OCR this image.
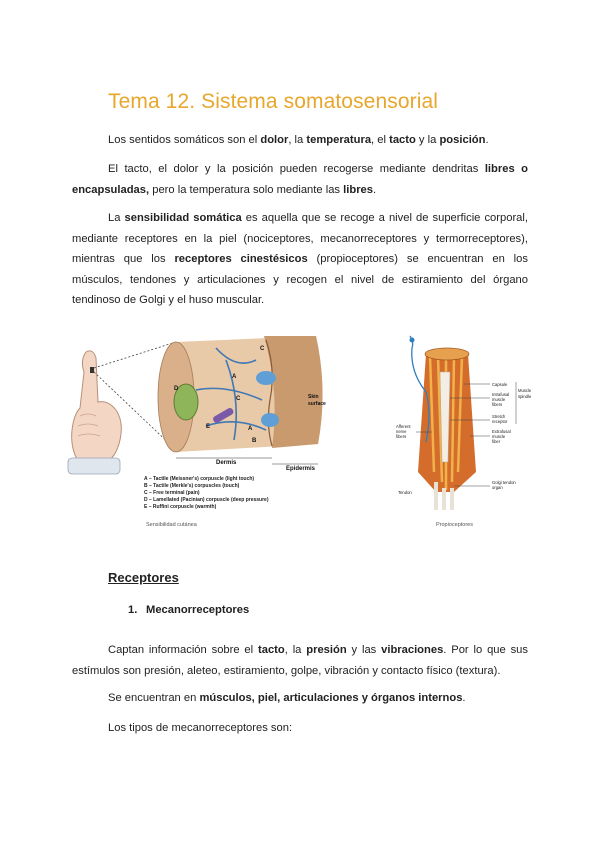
Tema 12. Sistema somatosensorial

Los sentidos somáticos son el dolor, la temperatura, el tacto y la posición.

El tacto, el dolor y la posición pueden recogerse mediante dendritas libres o encapsuladas, pero la temperatura solo mediante las libres.

La sensibilidad somática es aquella que se recoge a nivel de superficie corporal, mediante receptores en la piel (nociceptores, mecanorreceptores y termorreceptores), mientras que los receptores cinestésicos (propioceptores) se encuentran en los músculos, tendones y articulaciones y recogen el nivel de estiramiento del órgano tendinoso de Golgi y el huso muscular.

A
A
B
C
C
D
E
Skin
surface
Dermis
Epidermis
A – Tactile (Meissner's) corpuscle (light touch)
B – Tactile (Merkle's) corpuscles (touch)
C – Free terminal (pain)
D – Lamellated (Pacinian) corpuscle (deep pressure)
E – Ruffini corpuscle (warmth)
Sensibilidad cutánea
Capsule
Intrafusal
muscle
fibers
Stretch
receptor
Extrafusal
muscle
fiber
Golgi tendon
organ
Afferent
nerve
fibers
Tendon
Muscle
spindle
Propioceptores
Receptores
1. Mecanorreceptores

Captan información sobre el tacto, la presión y las vibraciones. Por lo que sus estímulos son presión, aleteo, estiramiento, golpe, vibración y contacto físico (textura).

Se encuentran en músculos, piel, articulaciones y órganos internos.

Los tipos de mecanorreceptores son:
